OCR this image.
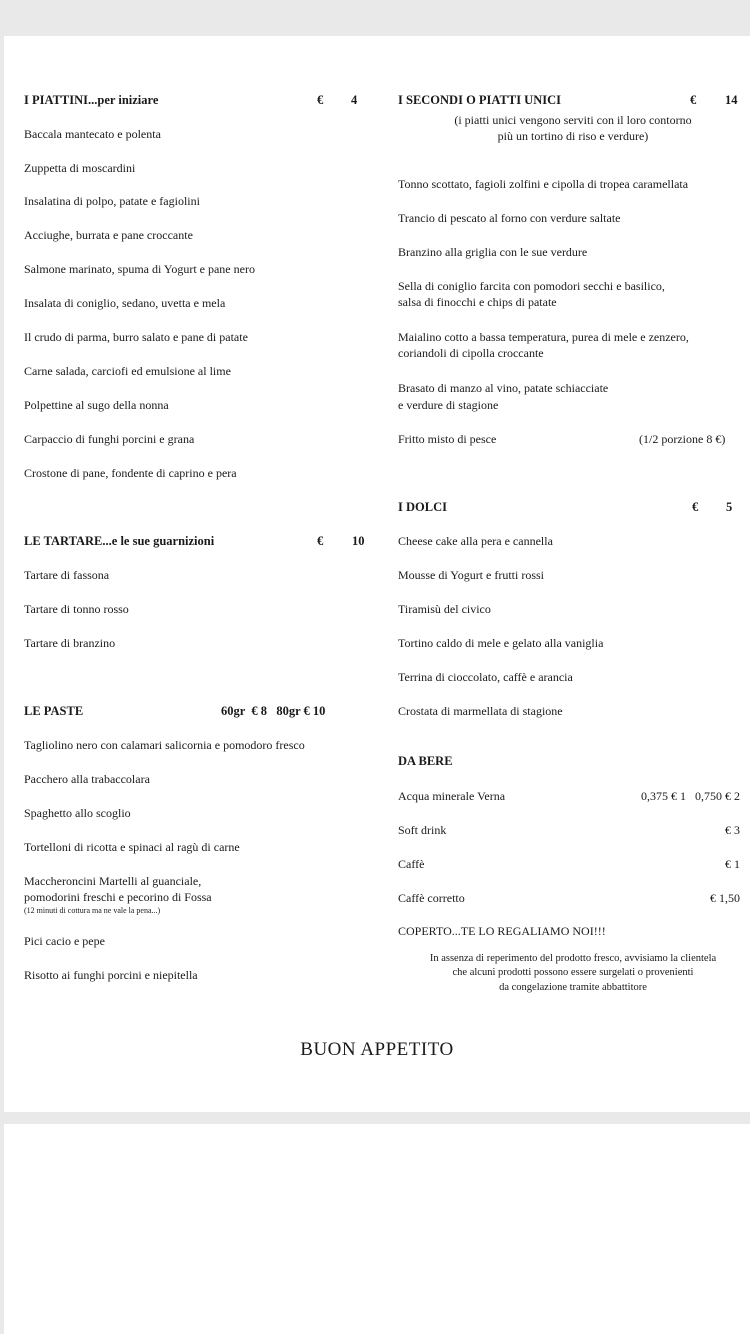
I PIATTINI...per iniziare	€ 4
Baccala mantecato e polenta
Zuppetta di moscardini
Insalatina di polpo, patate e fagiolini
Acciughe, burrata e pane croccante
Salmone marinato, spuma di Yogurt e pane nero
Insalata di coniglio, sedano, uvetta e mela
Il crudo di parma, burro salato e pane di patate
Carne salada, carciofi ed emulsione al lime
Polpettine al sugo della nonna
Carpaccio di funghi porcini e grana
Crostone di pane, fondente di caprino e pera
LE TARTARE...e le sue guarnizioni	€ 10
Tartare di fassona
Tartare di tonno rosso
Tartare di branzino
LE PASTE	60gr  € 8   80gr € 10
Tagliolino nero con calamari salicornia e pomodoro fresco
Pacchero alla trabaccolara
Spaghetto allo scoglio
Tortelloni di ricotta e spinaci al ragù di carne
Maccheroncini Martelli al guanciale,
pomodorini freschi e pecorino di Fossa
(12 minuti di cottura ma ne vale la pena...)
Pici cacio e pepe
Risotto ai funghi porcini e niepitella
I SECONDI O PIATTI UNICI	€ 14
(i piatti unici vengono serviti con il loro contorno
più un tortino di riso e verdure)
Tonno scottato, fagioli zolfini e cipolla di tropea caramellata
Trancio di pescato al forno con verdure saltate
Branzino alla griglia con le sue verdure
Sella di coniglio farcita con pomodori secchi e basilico,
salsa di finocchi e chips di patate
Maialino cotto a bassa temperatura, purea di mele e zenzero,
coriandoli di cipolla croccante
Brasato di manzo al vino, patate schiacciate
e verdure di stagione
Fritto misto di pesce	(1/2 porzione 8 €)
I DOLCI	€ 5
Cheese cake alla pera e cannella
Mousse di Yogurt e frutti rossi
Tiramisù del civico
Tortino caldo di mele e gelato alla vaniglia
Terrina di cioccolato, caffè e arancia
Crostata di marmellata di stagione
DA BERE
Acqua minerale Verna	0,375 € 1   0,750 € 2
Soft drink	€ 3
Caffè	€ 1
Caffè corretto	€ 1,50
COPERTO...TE LO REGALIAMO NOI!!!
In assenza di reperimento del prodotto fresco, avvisiamo la clientela
che alcuni prodotti possono essere surgelati o provenienti
da congelazione tramite abbattitore
BUON APPETITO
